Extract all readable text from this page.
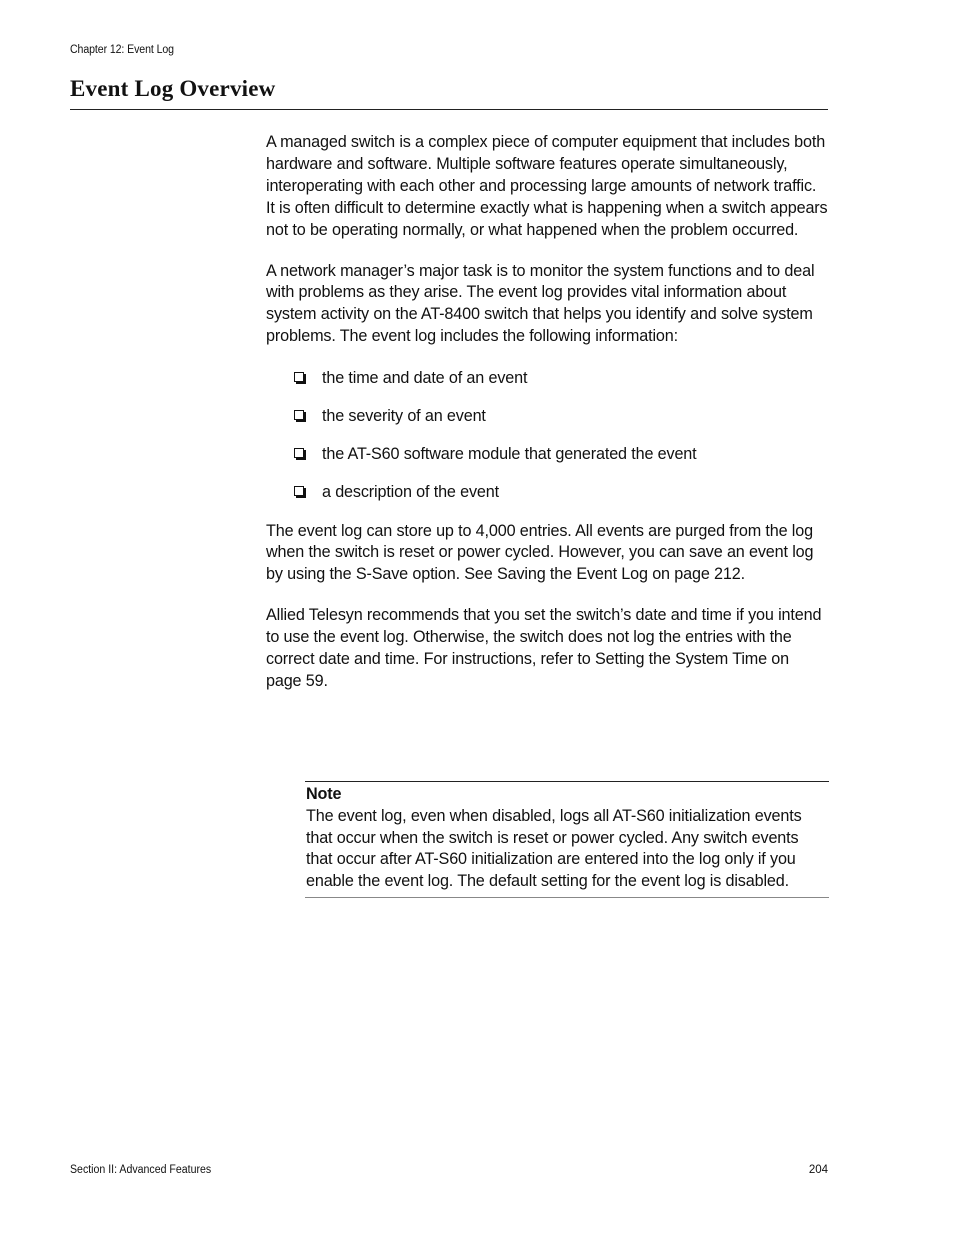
Chapter 12: Event Log
Event Log Overview

A managed switch is a complex piece of computer equipment that includes both hardware and software. Multiple software features operate simultaneously, interoperating with each other and processing large amounts of network traffic. It is often difficult to determine exactly what is happening when a switch appears not to be operating normally, or what happened when the problem occurred.

A network manager’s major task is to monitor the system functions and to deal with problems as they arise. The event log provides vital information about system activity on the AT-8400 switch that helps you identify and solve system problems. The event log includes the following information:

the time and date of an event
the severity of an event
the AT-S60 software module that generated the event
a description of the event

The event log can store up to 4,000 entries. All events are purged from the log when the switch is reset or power cycled. However, you can save an event log by using the S-Save option. See Saving the Event Log on page 212.

Allied Telesyn recommends that you set the switch’s date and time if you intend to use the event log. Otherwise, the switch does not log the entries with the correct date and time. For instructions, refer to Setting the System Time on page 59.

Note

The event log, even when disabled, logs all AT-S60 initialization events that occur when the switch is reset or power cycled. Any switch events that occur after AT-S60 initialization are entered into the log only if you enable the event log. The default setting for the event log is disabled.

Section II: Advanced Features	204
